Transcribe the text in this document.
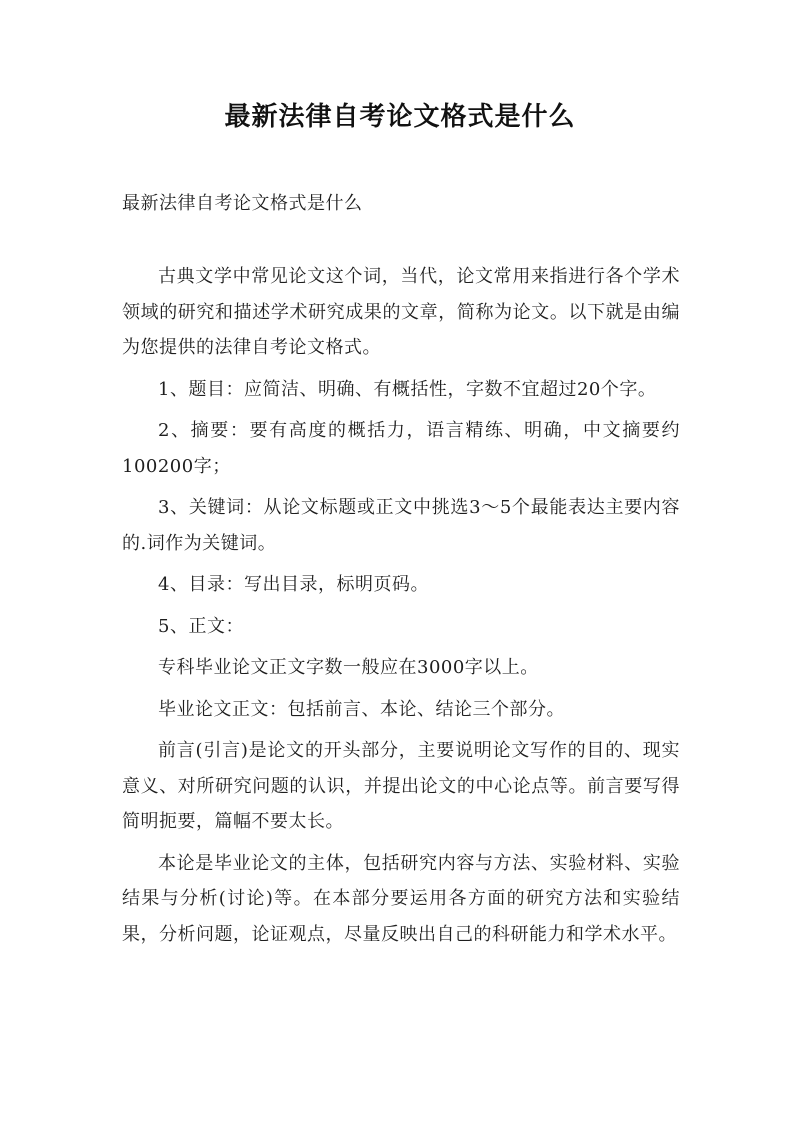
最新法律自考论文格式是什么
最新法律自考论文格式是什么

古典文学中常见论文这个词，当代，论文常用来指进行各个学术领域的研究和描述学术研究成果的文章，简称为论文。以下就是由编为您提供的法律自考论文格式。

1、题目：应简洁、明确、有概括性，字数不宜超过20个字。

2、摘要：要有高度的概括力，语言精练、明确，中文摘要约100200字；

3、关键词：从论文标题或正文中挑选3～5个最能表达主要内容的.词作为关键词。

4、目录：写出目录，标明页码。

5、正文：

专科毕业论文正文字数一般应在3000字以上。

毕业论文正文：包括前言、本论、结论三个部分。

前言(引言)是论文的开头部分，主要说明论文写作的目的、现实意义、对所研究问题的认识，并提出论文的中心论点等。前言要写得简明扼要，篇幅不要太长。

本论是毕业论文的主体，包括研究内容与方法、实验材料、实验结果与分析(讨论)等。在本部分要运用各方面的研究方法和实验结果，分析问题，论证观点，尽量反映出自己的科研能力和学术水平。
